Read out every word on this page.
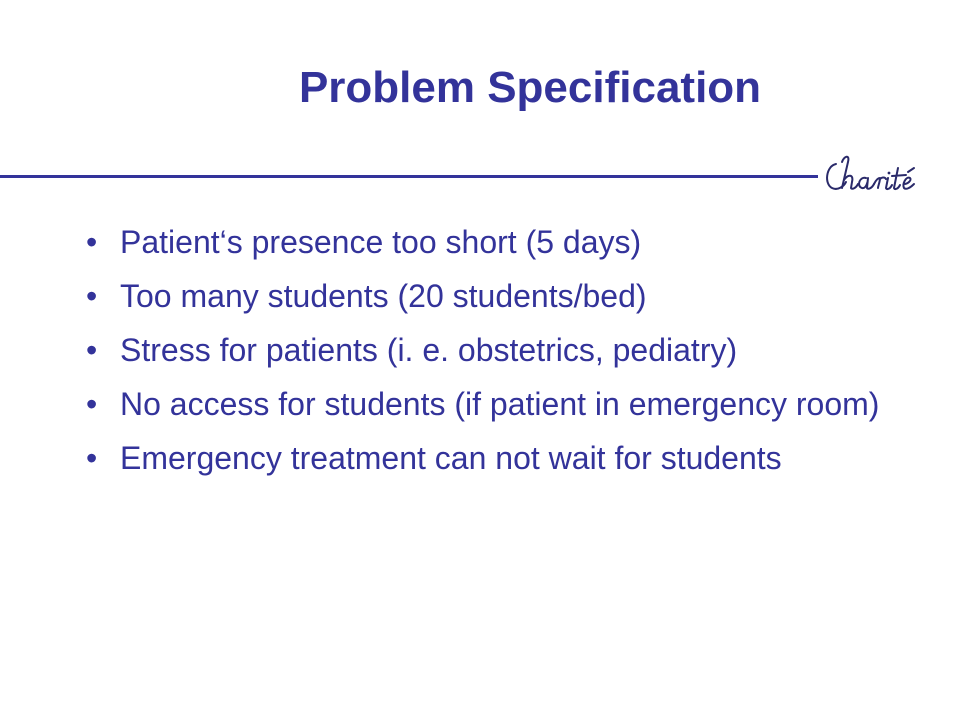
Problem Specification
• Patient‘s presence too short (5 days)
• Too many students (20 students/bed)
• Stress for patients (i. e. obstetrics, pediatry)
• No access for students (if patient in emergency room)
• Emergency treatment can not wait for students
